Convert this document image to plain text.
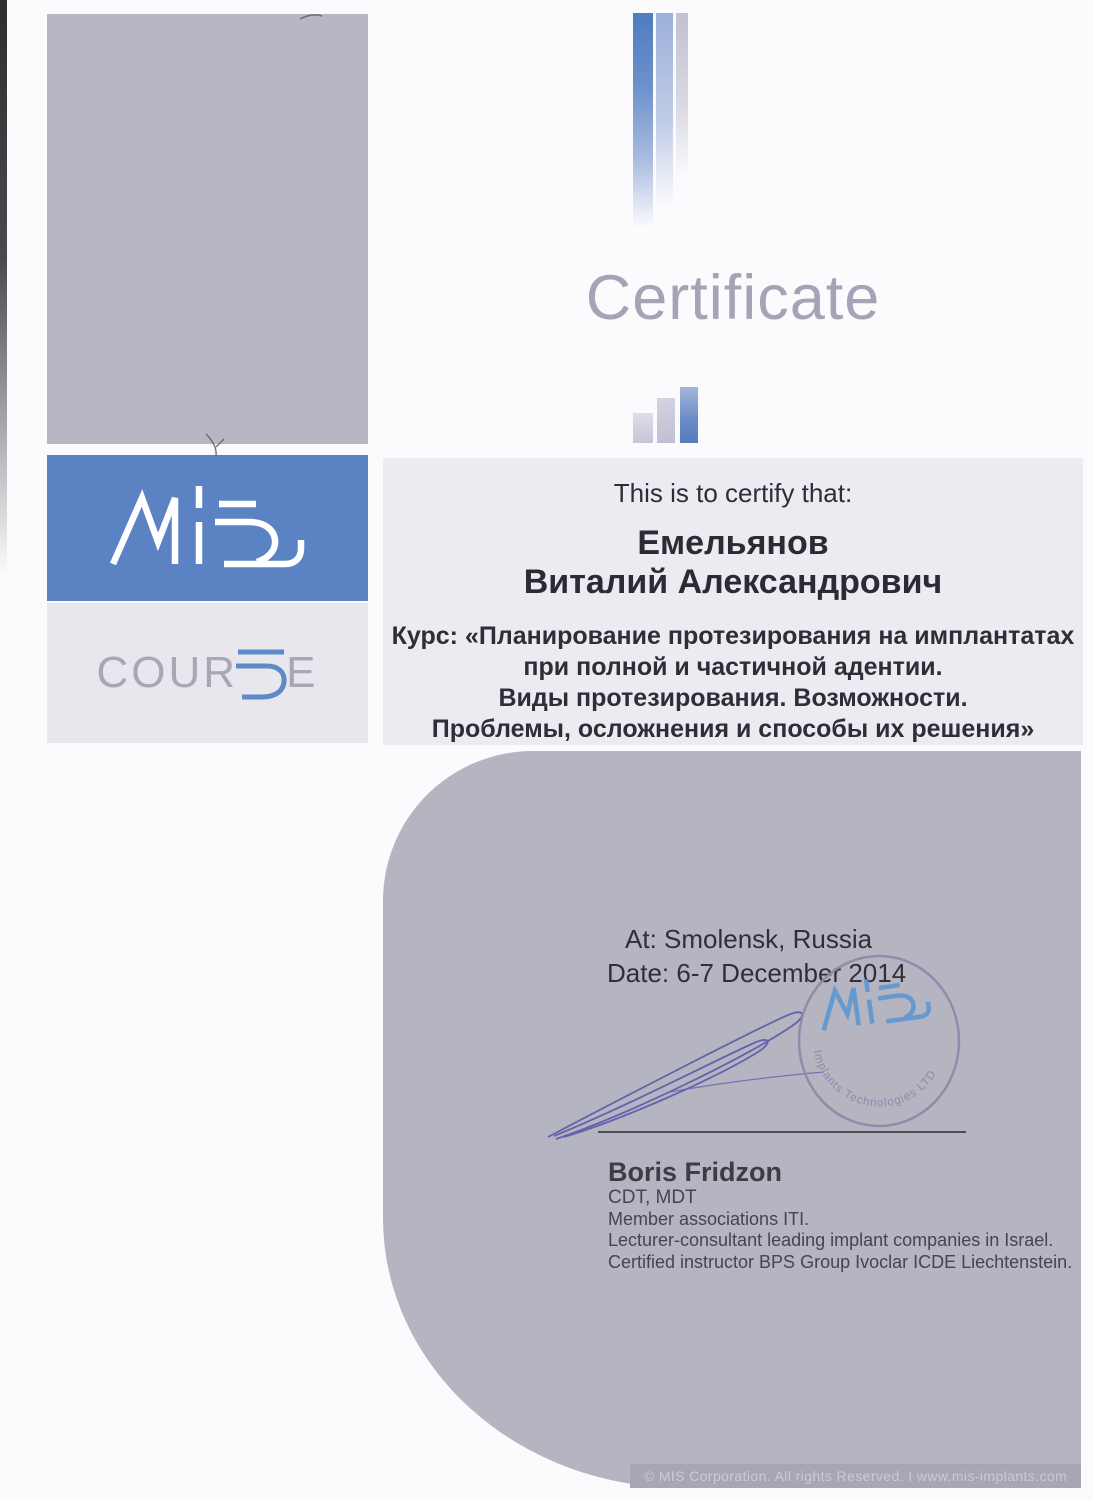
Certificate
COUR E
This is to certify that:
Емельянов
Виталий Александрович
Курс: «Планирование протезирования на имплантатах
при полной и частичной адентии.
Виды протезирования. Возможности.
Проблемы, осложнения и способы их решения»
At: Smolensk, Russia
Date: 6-7 December 2014
Implants Technologies LTD
Boris Fridzon
CDT, MDT
Member associations ITI.
Lecturer-consultant leading implant companies in Israel.
Certified instructor BPS Group Ivoclar ICDE Liechtenstein.
© MIS Corporation. All rights Reserved. I www.mis-implants.com
